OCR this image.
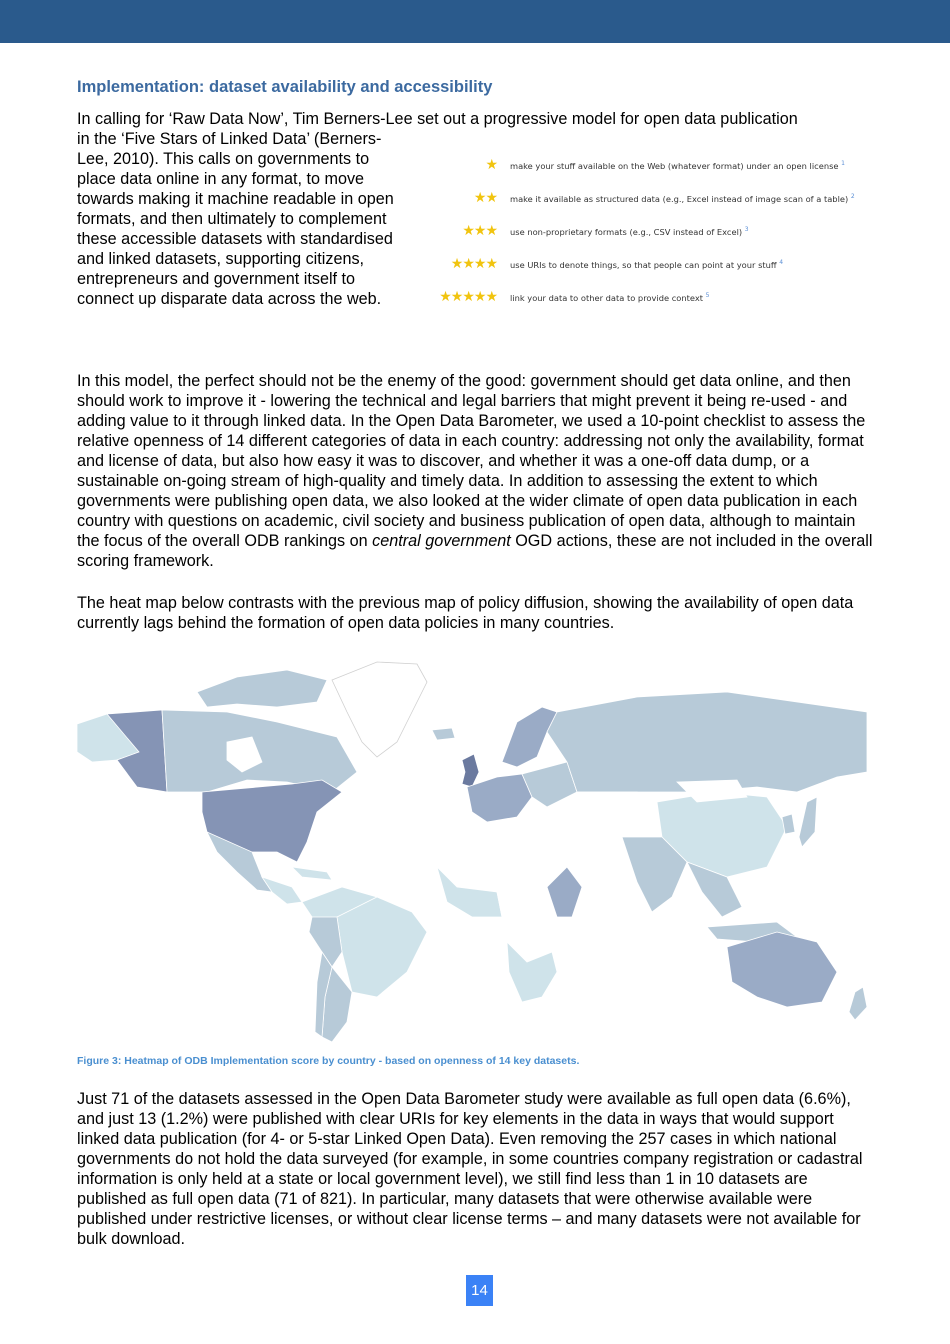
Implementation: dataset availability and accessibility

In calling for ‘Raw Data Now’, Tim Berners-Lee set out a progressive model for open data publication

in the ‘Five Stars of Linked Data’ (Berners-Lee, 2010). This calls on governments to place data online in any format, to move towards making it machine readable in open formats, and then ultimately to complement these accessible datasets with standardised and linked datasets, supporting citizens, entrepreneurs and government itself to connect up disparate data across the web.

★ make your stuff available on the Web (whatever format) under an open license $^1$
★★ make it available as structured data (e.g., Excel instead of image scan of a table) $^2$
★★★ use non-proprietary formats (e.g., CSV instead of Excel) $^3$
★★★★ use URIs to denote things, so that people can point at your stuff $^4$
★★★★★ link your data to other data to provide context $^5$

In this model, the perfect should not be the enemy of the good: government should get data online, and then should work to improve it - lowering the technical and legal barriers that might prevent it being re-used - and adding value to it through linked data. In the Open Data Barometer, we used a 10-point checklist to assess the relative openness of 14 different categories of data in each country: addressing not only the availability, format and license of data, but also how easy it was to discover, and whether it was a one-off data dump, or a sustainable on-going stream of high-quality and timely data. In addition to assessing the extent to which governments were publishing open data, we also looked at the wider climate of open data publication in each country with questions on academic, civil society and business publication of open data, although to maintain the focus of the overall ODB rankings on central government OGD actions, these are not included in the overall scoring framework.

The heat map below contrasts with the previous map of policy diffusion, showing the availability of open data currently lags behind the formation of open data policies in many countries.

Figure 3: Heatmap of ODB Implementation score by country - based on openness of 14 key datasets.

Just 71 of the datasets assessed in the Open Data Barometer study were available as full open data (6.6%), and just 13 (1.2%) were published with clear URIs for key elements in the data in ways that would support linked data publication (for 4- or 5-star Linked Open Data). Even removing the 257 cases in which national governments do not hold the data surveyed (for example, in some countries company registration or cadastral information is only held at a state or local government level), we still find less than 1 in 10 datasets are published as full open data (71 of 821). In particular, many datasets that were otherwise available were published under restrictive licenses, or without clear license terms – and many datasets were not available for bulk download.

14
